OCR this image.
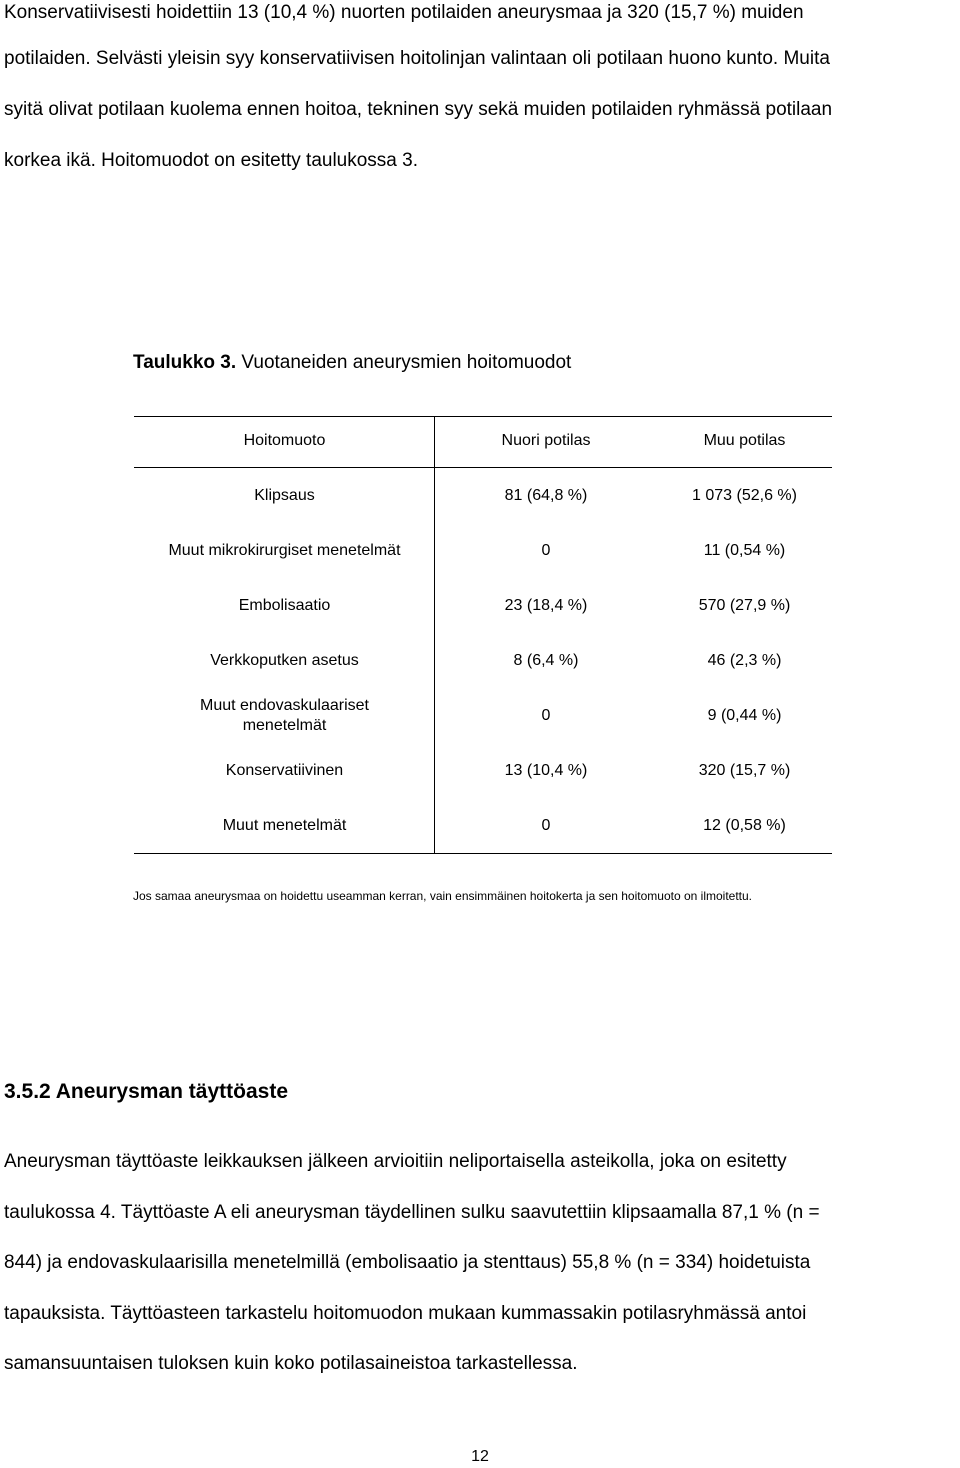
Konservatiivisesti hoidettiin 13 (10,4 %) nuorten potilaiden aneurysmaa ja 320 (15,7 %) muiden
potilaiden. Selvästi yleisin syy konservatiivisen hoitolinjan valintaan oli potilaan huono kunto. Muita
syitä olivat potilaan kuolema ennen hoitoa, tekninen syy sekä muiden potilaiden ryhmässä potilaan
korkea ikä. Hoitomuodot on esitetty taulukossa 3.
Taulukko 3. Vuotaneiden aneurysmien hoitomuodot
Hoitomuoto	Nuori potilas	Muu potilas
Klipsaus	81 (64,8 %)	1 073 (52,6 %)
Muut mikrokirurgiset menetelmät	0	11 (0,54 %)
Embolisaatio	23 (18,4 %)	570 (27,9 %)
Verkkoputken asetus	8 (6,4 %)	46 (2,3 %)
Muut endovaskulaariset
menetelmät
0	9 (0,44 %)
Konservatiivinen	13 (10,4 %)	320 (15,7 %)
Muut menetelmät	0	12 (0,58 %)
Jos samaa aneurysmaa on hoidettu useamman kerran, vain ensimmäinen hoitokerta ja sen hoitomuoto on ilmoitettu.
3.5.2 Aneurysman täyttöaste
Aneurysman täyttöaste leikkauksen jälkeen arvioitiin neliportaisella asteikolla, joka on esitetty
taulukossa 4. Täyttöaste A eli aneurysman täydellinen sulku saavutettiin klipsaamalla 87,1 % (n =
844) ja endovaskulaarisilla menetelmillä (embolisaatio ja stenttaus) 55,8 % (n = 334) hoidetuista
tapauksista. Täyttöasteen tarkastelu hoitomuodon mukaan kummassakin potilasryhmässä antoi
samansuuntaisen tuloksen kuin koko potilasaineistoa tarkastellessa.
12
